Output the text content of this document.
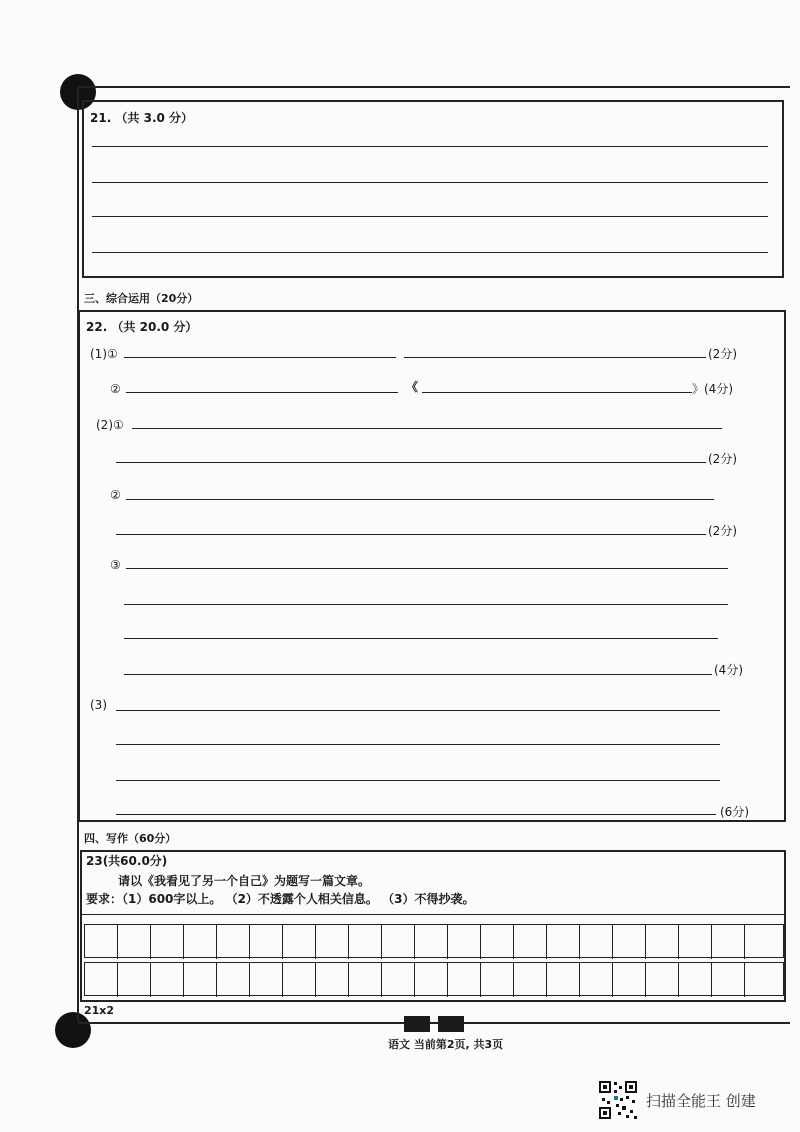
21. （共 3.0 分）
三、综合运用（20分）
22. （共 20.0 分）
(1)①	(2分)
②	《	》(4分)
(2)①
(2分)
②
(2分)
③
(4分)
(3)
(6分)
四、写作（60分）
23(共60.0分)
请以《我看见了另一个自己》为题写一篇文章。
要求：（1）600字以上。 （2）不透露个人相关信息。 （3）不得抄袭。
21x2
语文 当前第2页, 共3页
扫描全能王 创建
